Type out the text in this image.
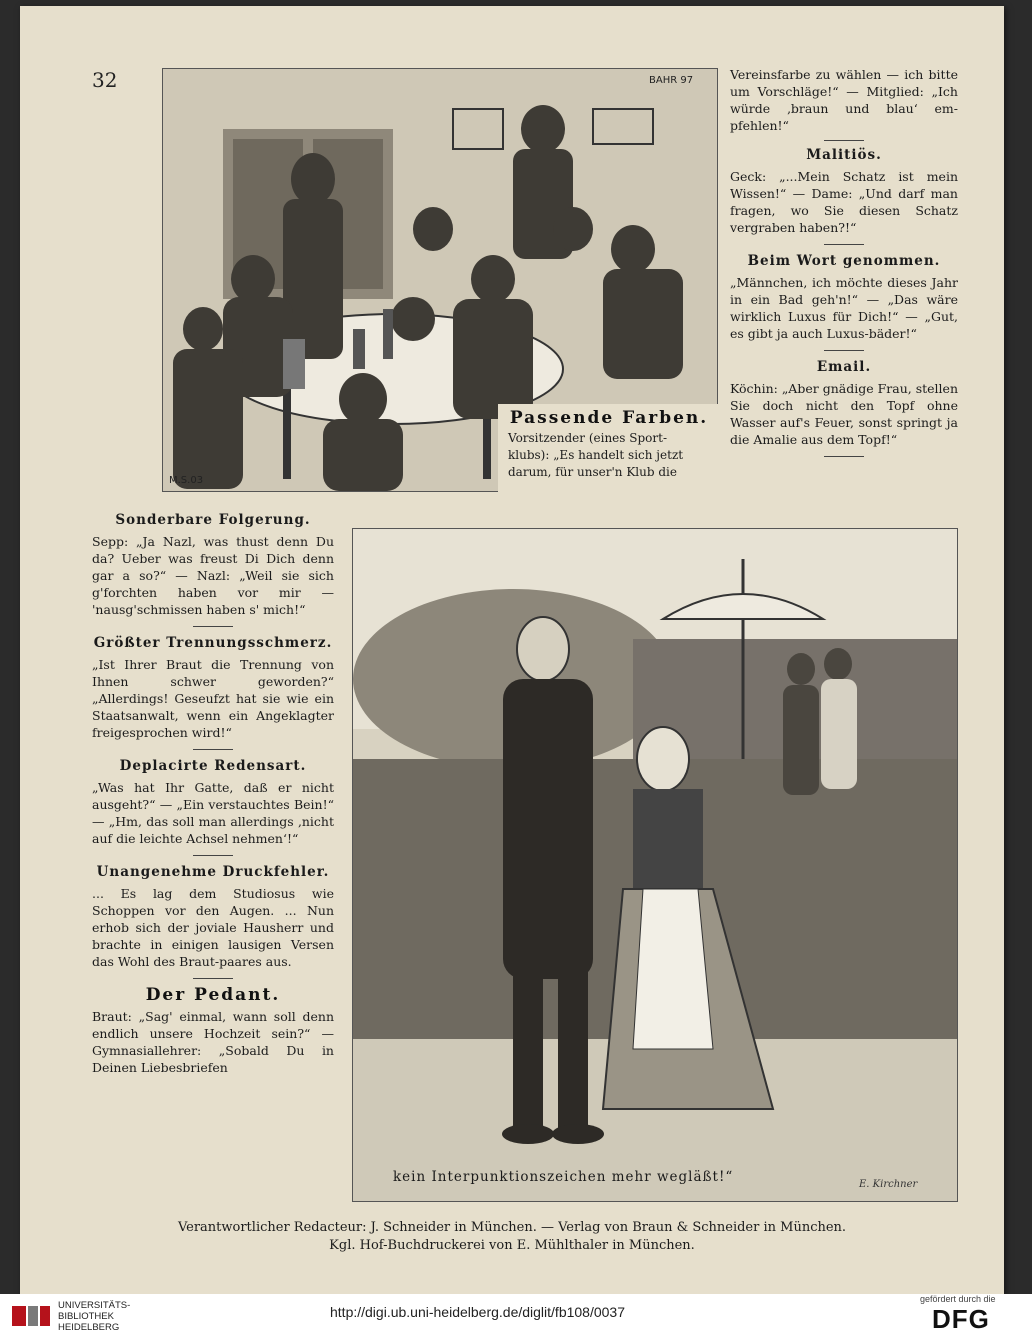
32	BAHR 97
M.S.03
Passende Farben.
Vorsitzender (eines Sport-
klubs): „Es handelt sich jetzt
darum, für unser'n Klub die
Vereinsfarbe zu wählen — ich bitte um Vorschläge!“ — Mitglied: „Ich würde ‚braun und blau‘ em-pfehlen!“
Malitiös.
Geck: „...Mein Schatz ist mein Wissen!“ — Dame: „Und darf man fragen, wo Sie diesen Schatz vergraben haben?!“
Beim Wort genommen.
„Männchen, ich möchte dieses Jahr in ein Bad geh'n!“ — „Das wäre wirklich Luxus für Dich!“ — „Gut, es gibt ja auch Luxus-bäder!“
Email.
Köchin: „Aber gnädige Frau, stellen Sie doch nicht den Topf ohne Wasser auf's Feuer, sonst springt ja die Amalie aus dem Topf!“
Sonderbare Folgerung.
Sepp: „Ja Nazl, was thust denn Du da? Ueber was freust Di Dich denn gar a so?“ — Nazl: „Weil sie sich g'forchten haben vor mir — 'nausg'schmissen haben s' mich!“
Größter Trennungsschmerz.
„Ist Ihrer Braut die Trennung von Ihnen schwer geworden?“ „Allerdings! Geseufzt hat sie wie ein Staatsanwalt, wenn ein Angeklagter freigesprochen wird!“
Deplacirte Redensart.
„Was hat Ihr Gatte, daß er nicht ausgeht?“ — „Ein verstauchtes Bein!“ — „Hm, das soll man allerdings ‚nicht auf die leichte Achsel nehmen‘!“
Unangenehme Druckfehler.
... Es lag dem Studiosus wie Schoppen vor den Augen. ... Nun erhob sich der joviale Hausherr und brachte in einigen lausigen Versen das Wohl des Braut-paares aus.
Der Pedant.
Braut: „Sag' einmal, wann soll denn endlich unsere Hochzeit sein?“ — Gymnasiallehrer: „Sobald Du in Deinen Liebesbriefen
kein Interpunktionszeichen mehr wegläßt!“	E. Kirchner
Verantwortlicher Redacteur: J. Schneider in München. — Verlag von Braun & Schneider in München.
Kgl. Hof-Buchdruckerei von E. Mühlthaler in München.
UNIVERSITÄTS-
BIBLIOTHEK
HEIDELBERG
http://digi.ub.uni-heidelberg.de/diglit/fb108/0037
gefördert durch die
DFG
